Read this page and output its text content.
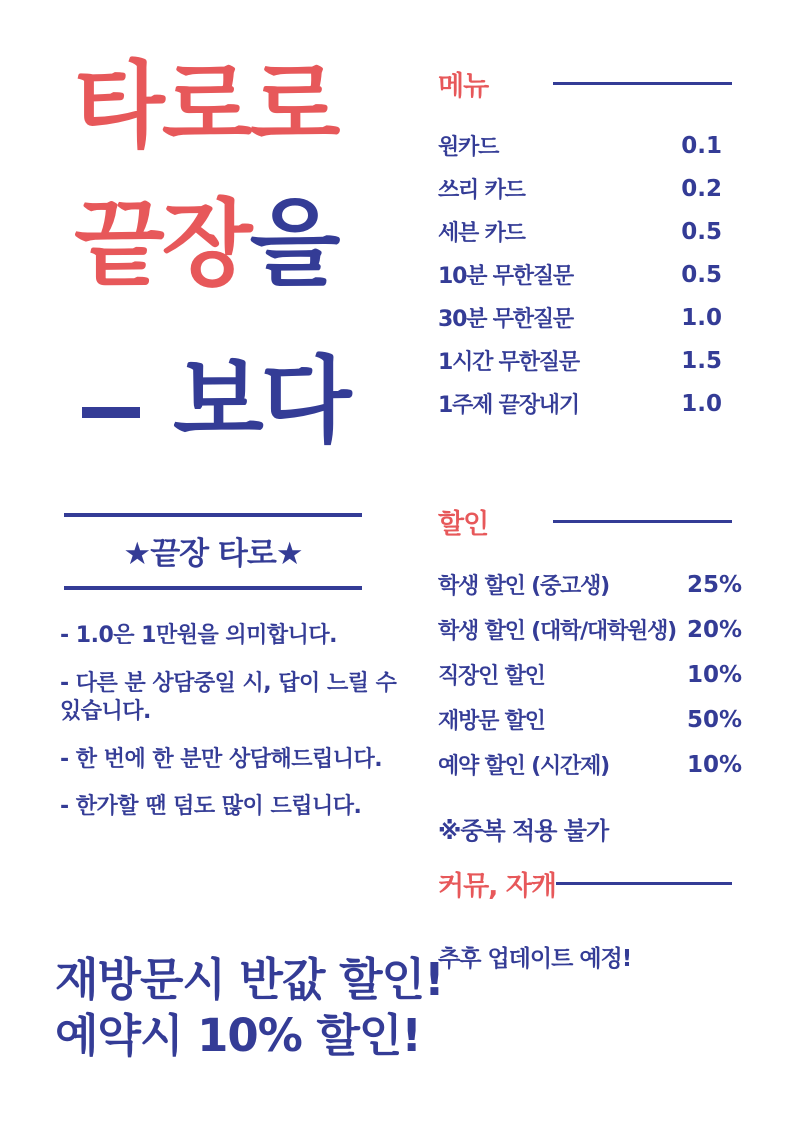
타로로
끝장을
보다
★끝장 타로★
- 1.0은 1만원을 의미합니다.
- 다른 분 상담중일 시, 답이 느릴 수 있습니다.
- 한 번에 한 분만 상담해드립니다.
- 한가할 땐 덤도 많이 드립니다.
재방문시 반값 할인!
예약시 10% 할인!
메뉴
원카드	0.1
쓰리 카드	0.2
세븐 카드	0.5
10분 무한질문	0.5
30분 무한질문	1.0
1시간 무한질문	1.5
1주제 끝장내기	1.0
할인
학생 할인 (중고생)	25%
학생 할인 (대학/대학원생) 20%
직장인 할인	10%
재방문 할인	50%
예약 할인 (시간제)	10%
※중복 적용 불가
커뮤, 자캐
추후 업데이트 예정!
